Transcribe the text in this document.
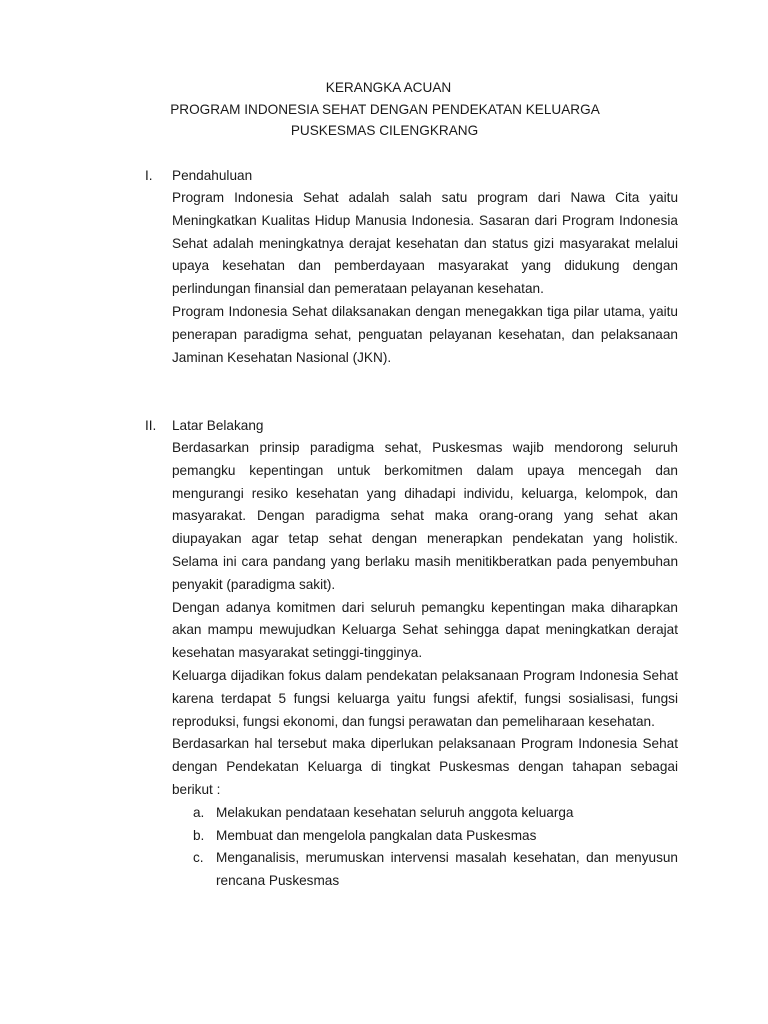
KERANGKA ACUAN
PROGRAM INDONESIA SEHAT DENGAN PENDEKATAN KELUARGA
PUSKESMAS CILENGKRANG
I. Pendahuluan

Program Indonesia Sehat adalah salah satu program dari Nawa Cita yaitu Meningkatkan Kualitas Hidup Manusia Indonesia. Sasaran dari Program Indonesia Sehat adalah meningkatnya derajat kesehatan dan status gizi masyarakat melalui upaya kesehatan dan pemberdayaan masyarakat yang didukung dengan perlindungan finansial dan pemerataan pelayanan kesehatan.

Program Indonesia Sehat dilaksanakan dengan menegakkan tiga pilar utama, yaitu penerapan paradigma sehat, penguatan pelayanan kesehatan, dan pelaksanaan Jaminan Kesehatan Nasional (JKN).

II. Latar Belakang

Berdasarkan prinsip paradigma sehat, Puskesmas wajib mendorong seluruh pemangku kepentingan untuk berkomitmen dalam upaya mencegah dan mengurangi resiko kesehatan yang dihadapi individu, keluarga, kelompok, dan masyarakat. Dengan paradigma sehat maka orang-orang yang sehat akan diupayakan agar tetap sehat dengan menerapkan pendekatan yang holistik. Selama ini cara pandang yang berlaku masih menitikberatkan pada penyembuhan penyakit (paradigma sakit).

Dengan adanya komitmen dari seluruh pemangku kepentingan maka diharapkan akan mampu mewujudkan Keluarga Sehat sehingga dapat meningkatkan derajat kesehatan masyarakat setinggi-tingginya.

Keluarga dijadikan fokus dalam pendekatan pelaksanaan Program Indonesia Sehat karena terdapat 5 fungsi keluarga yaitu fungsi afektif, fungsi sosialisasi, fungsi reproduksi, fungsi ekonomi, dan fungsi perawatan dan pemeliharaan kesehatan.

Berdasarkan hal tersebut maka diperlukan pelaksanaan Program Indonesia Sehat dengan Pendekatan Keluarga di tingkat Puskesmas dengan tahapan sebagai berikut :

a. Melakukan pendataan kesehatan seluruh anggota keluarga
b. Membuat dan mengelola pangkalan data Puskesmas
c. Menganalisis, merumuskan intervensi masalah kesehatan, dan menyusun rencana Puskesmas
